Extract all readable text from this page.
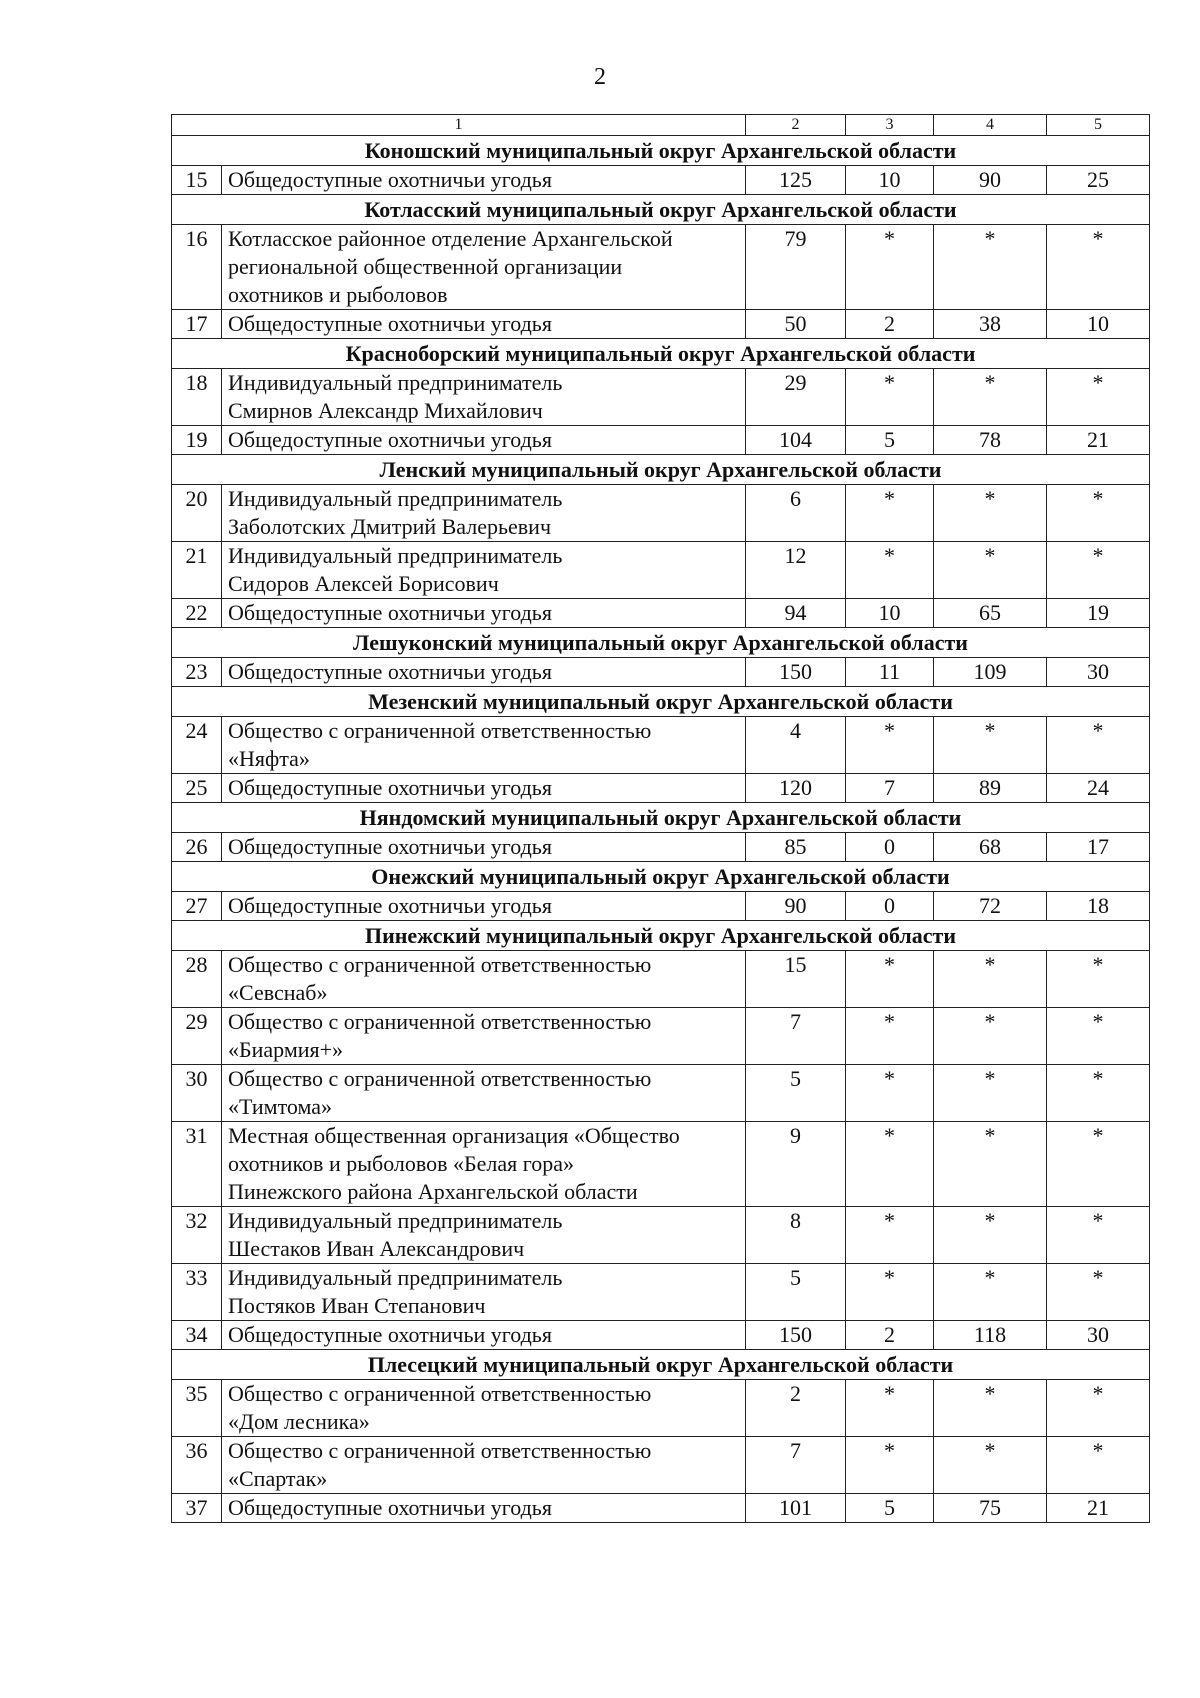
2
1		2	3	4	5
Коношский муниципальный округ Архангельской области					
15	Общедоступные охотничьи угодья	125	10	90	25
Котласский муниципальный округ Архангельской области					
16	Котласское районное отделение Архангельской
региональной общественной организации
охотников и рыболовов	79	*	*	*
17	Общедоступные охотничьи угодья	50	2	38	10
Красноборский муниципальный округ Архангельской области					
18	Индивидуальный предприниматель
Смирнов Александр Михайлович	29	*	*	*
19	Общедоступные охотничьи угодья	104	5	78	21
Ленский муниципальный округ Архангельской области					
20	Индивидуальный предприниматель
Заболотских Дмитрий Валерьевич	6	*	*	*
21	Индивидуальный предприниматель
Сидоров Алексей Борисович	12	*	*	*
22	Общедоступные охотничьи угодья	94	10	65	19
Лешуконский муниципальный округ Архангельской области					
23	Общедоступные охотничьи угодья	150	11	109	30
Мезенский муниципальный округ Архангельской области					
24	Общество с ограниченной ответственностью
«Няфта»	4	*	*	*
25	Общедоступные охотничьи угодья	120	7	89	24
Няндомский муниципальный округ Архангельской области					
26	Общедоступные охотничьи угодья	85	0	68	17
Онежский муниципальный округ Архангельской области					
27	Общедоступные охотничьи угодья	90	0	72	18
Пинежский муниципальный округ Архангельской области					
28	Общество с ограниченной ответственностью
«Севснаб»	15	*	*	*
29	Общество с ограниченной ответственностью
«Биармия+»	7	*	*	*
30	Общество с ограниченной ответственностью
«Тимтома»	5	*	*	*
31	Местная общественная организация «Общество
охотников и рыболовов «Белая гора»
Пинежского района Архангельской области	9	*	*	*
32	Индивидуальный предприниматель
Шестаков Иван Александрович	8	*	*	*
33	Индивидуальный предприниматель
Постяков Иван Степанович	5	*	*	*
34	Общедоступные охотничьи угодья	150	2	118	30
Плесецкий муниципальный округ Архангельской области					
35	Общество с ограниченной ответственностью
«Дом лесника»	2	*	*	*
36	Общество с ограниченной ответственностью
«Спартак»	7	*	*	*
37	Общедоступные охотничьи угодья	101	5	75	21
